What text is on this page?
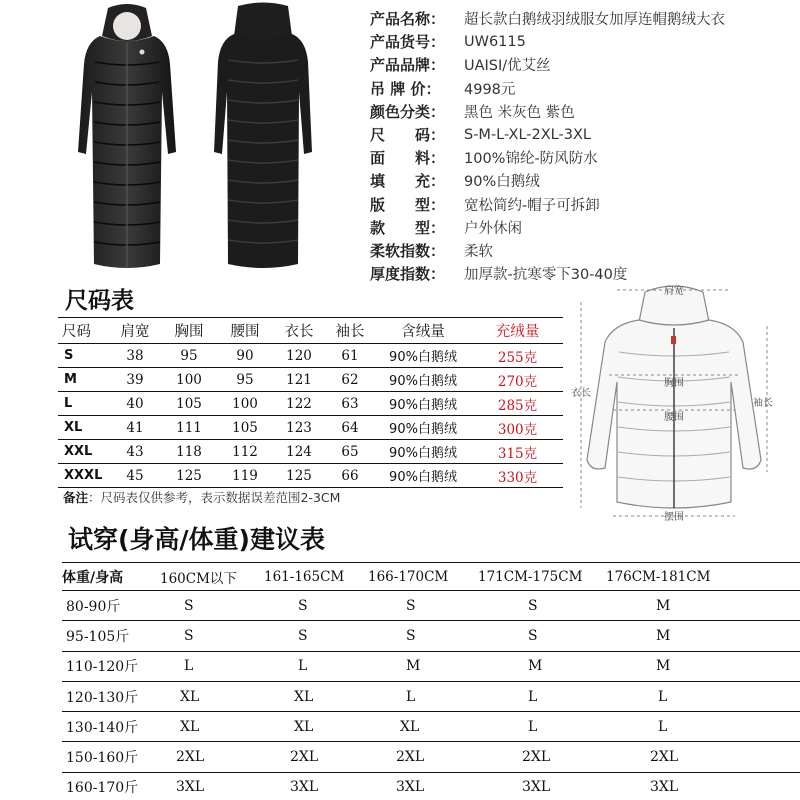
产品名称：	超长款白鹅绒羽绒服女加厚连帽鹅绒大衣
产品货号：	UW6115
产品品牌：	UAISI/优艾丝
吊 牌 价：	4998元
颜色分类：	黑色 米灰色 紫色
尺　　码：	S-M-L-XL-2XL-3XL
面　　料：	100%锦纶-防风防水
填　　充：	90%白鹅绒
版　　型：	宽松简约-帽子可拆卸
款　　型：	户外休闲
柔软指数：	柔软
厚度指数：	加厚款-抗寒零下30-40度
尺码表
尺码	肩宽	胸围	腰围	衣长	袖长	含绒量	充绒量
S	38	95	90	120	61	90%白鹅绒	255克
M	39	100	95	121	62	90%白鹅绒	270克
L	40	105	100	122	63	90%白鹅绒	285克
XL	41	111	105	123	64	90%白鹅绒	300克
XXL	43	118	112	124	65	90%白鹅绒	315克
XXXL	45	125	119	125	66	90%白鹅绒	330克
备注：尺码表仅供参考，表示数据误差范围2-3CM
肩宽
胸围
腰围
衣长
袖长
摆围
试穿(身高/体重)建议表
体重/身高	160CM以下	161-165CM	166-170CM	171CM-175CM	176CM-181CM
80-90斤	S	S	S	S	M
95-105斤	S	S	S	S	M
110-120斤	L	L	M	M	M
120-130斤	XL	XL	L	L	L
130-140斤	XL	XL	XL	L	L
150-160斤	2XL	2XL	2XL	2XL	2XL
160-170斤	3XL	3XL	3XL	3XL	3XL
